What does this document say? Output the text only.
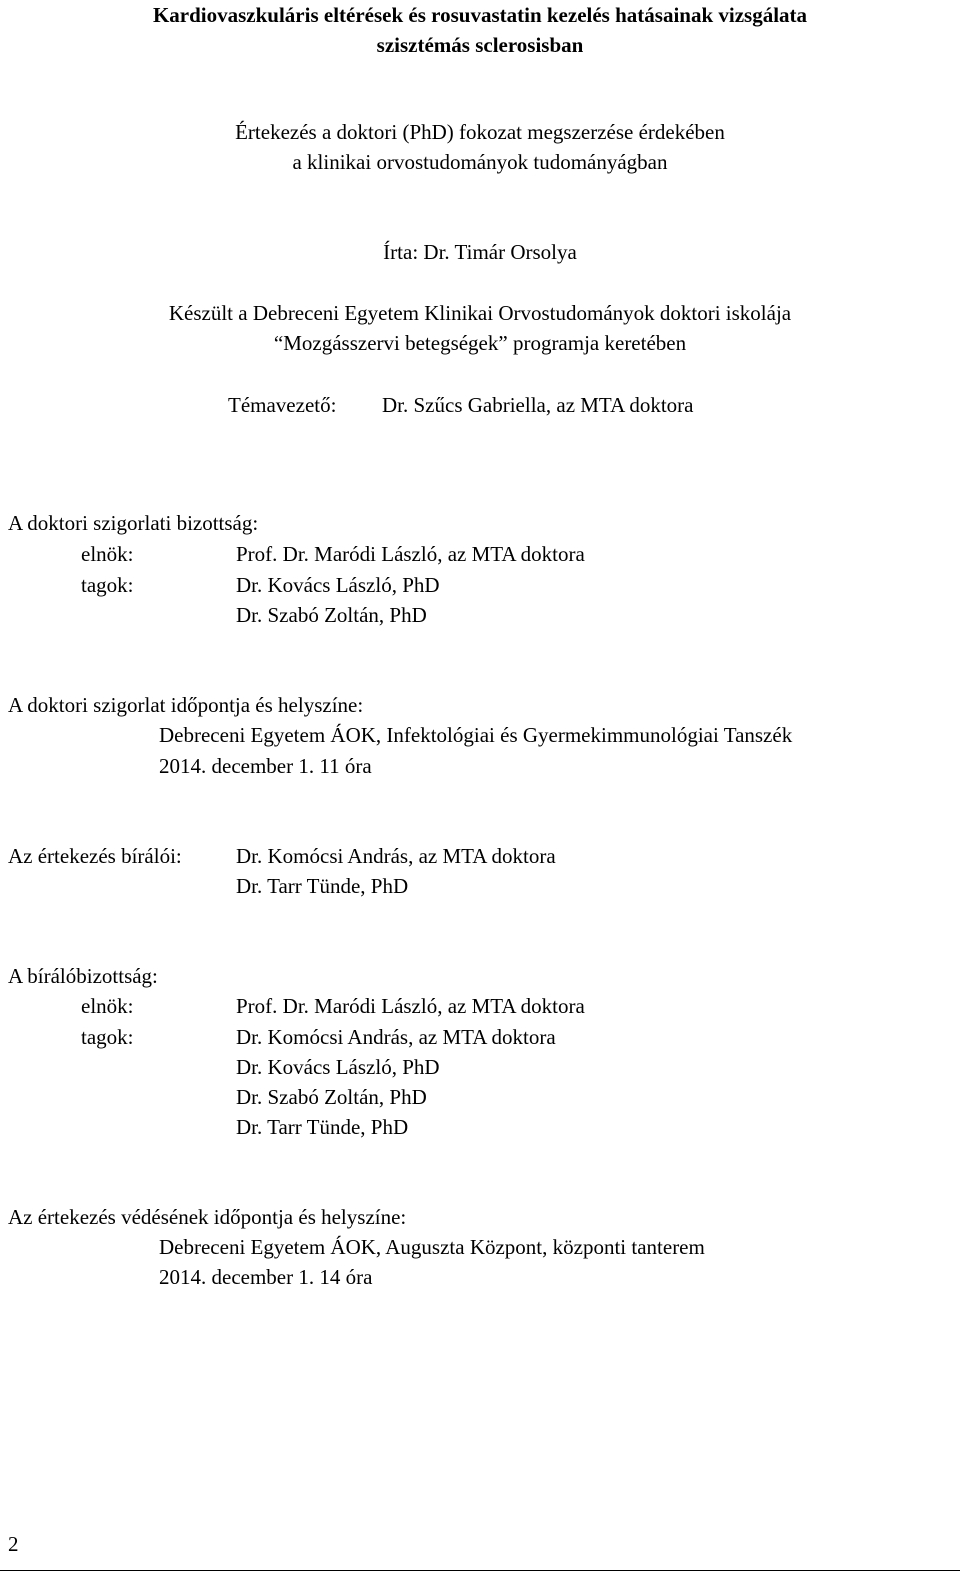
Kardiovaszkuláris eltérések és rosuvastatin kezelés hatásainak vizsgálata
szisztémás sclerosisban
Értekezés a doktori (PhD) fokozat megszerzése érdekében
a klinikai orvostudományok tudományágban
Írta: Dr. Timár Orsolya
Készült a Debreceni Egyetem Klinikai Orvostudományok doktori iskolája
“Mozgásszervi betegségek” programja keretében
Témavezető: Dr. Szűcs Gabriella, az MTA doktora
A doktori szigorlati bizottság:
elnök:	Prof. Dr. Maródi László, az MTA doktora
tagok:	Dr. Kovács László, PhD
Dr. Szabó Zoltán, PhD
A doktori szigorlat időpontja és helyszíne:
Debreceni Egyetem ÁOK, Infektológiai és Gyermekimmunológiai Tanszék
2014. december 1. 11 óra
Az értekezés bírálói:	Dr. Komócsi András, az MTA doktora
Dr. Tarr Tünde, PhD
A bírálóbizottság:
elnök:	Prof. Dr. Maródi László, az MTA doktora
tagok:	Dr. Komócsi András, az MTA doktora
Dr. Kovács László, PhD
Dr. Szabó Zoltán, PhD
Dr. Tarr Tünde, PhD
Az értekezés védésének időpontja és helyszíne:
Debreceni Egyetem ÁOK, Auguszta Központ, központi tanterem
2014. december 1. 14 óra
2
